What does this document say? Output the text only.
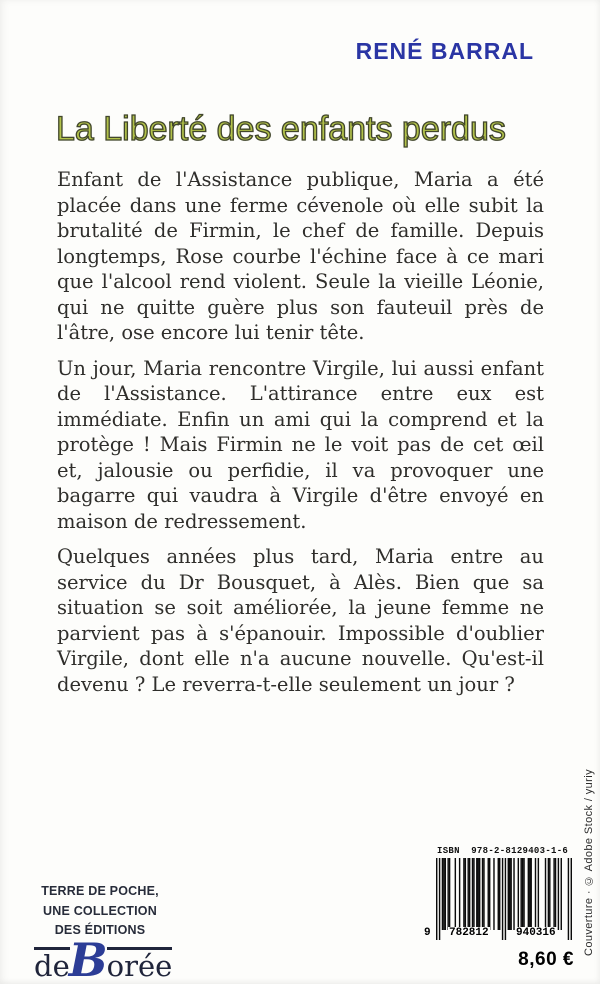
RENÉ BARRAL
La Liberté des enfants perdus

Enfant de l'Assistance publique, Maria a été placée dans une ferme cévenole où elle subit la brutalité de Firmin, le chef de famille. Depuis longtemps, Rose courbe l'échine face à ce mari que l'alcool rend violent. Seule la vieille Léonie, qui ne quitte guère plus son fauteuil près de l'âtre, ose encore lui tenir tête.

Un jour, Maria rencontre Virgile, lui aussi enfant de l'Assistance. L'attirance entre eux est immédiate. Enfin un ami qui la comprend et la protège ! Mais Firmin ne le voit pas de cet œil et, jalousie ou perfidie, il va provoquer une bagarre qui vaudra à Virgile d'être envoyé en maison de redressement.

Quelques années plus tard, Maria entre au service du Dr Bousquet, à Alès. Bien que sa situation se soit améliorée, la jeune femme ne parvient pas à s'épanouir. Impossible d'oublier Virgile, dont elle n'a aucune nouvelle. Qu'est-il devenu ? Le reverra-t-elle seulement un jour ?

TERRE DE POCHE,
UNE COLLECTION
DES ÉDITIONS
deBorée
ISBN 978-2-8129403-1-6
9 782812 940316
8,60 €
Couverture · © Adobe Stock / yuriy
